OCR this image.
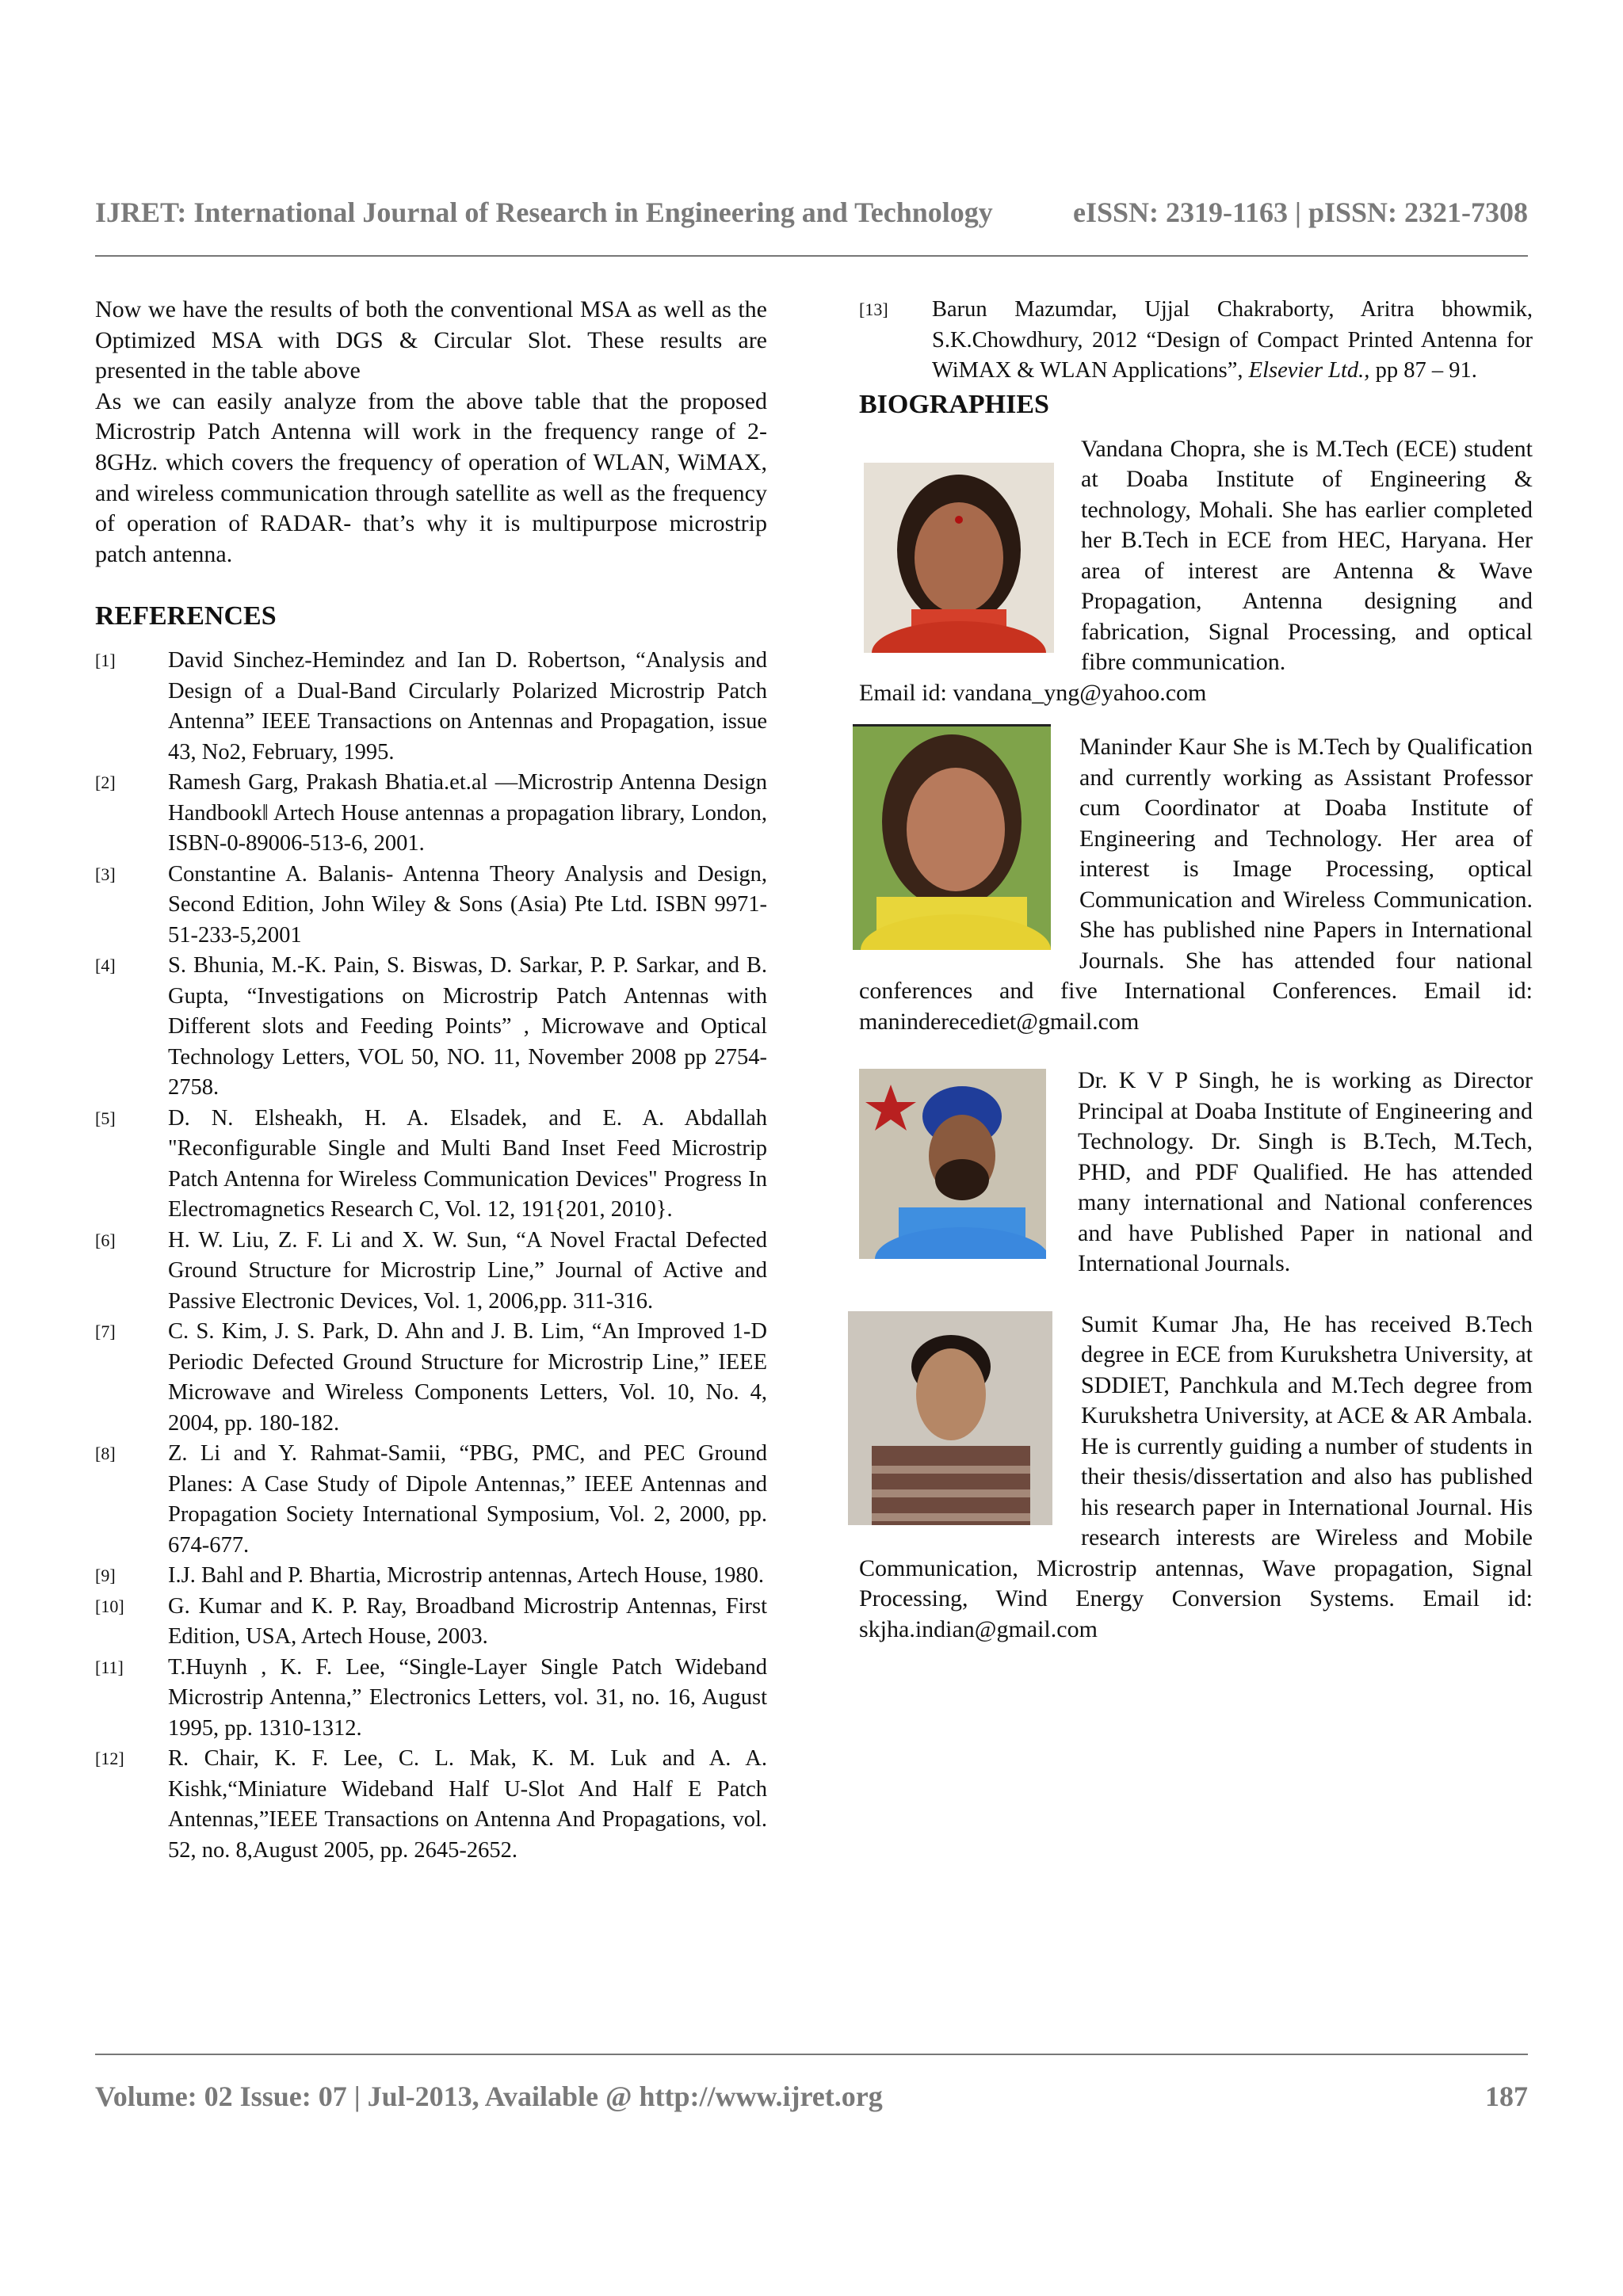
IJRET: International Journal of Research in Engineering and Technology	eISSN: 2319-1163 | pISSN: 2321-7308

Now we have the results of both the conventional MSA as well as the Optimized MSA with DGS & Circular Slot. These results are presented in the table above

As we can easily analyze from the above table that the proposed Microstrip Patch Antenna will work in the frequency range of 2-8GHz. which covers the frequency of operation of WLAN, WiMAX, and wireless communication through satellite as well as the frequency of operation of RADAR- that’s why it is multipurpose microstrip patch antenna.

REFERENCES

[1]	David Sinchez-Hemindez and Ian D. Robertson, “Analysis and Design of a Dual-Band Circularly Polarized Microstrip Patch Antenna” IEEE Transactions on Antennas and Propagation, issue 43, No2, February, 1995.
[2]	Ramesh Garg, Prakash Bhatia.et.al ―Microstrip Antenna Design Handbook‖ Artech House antennas a propagation library, London, ISBN-0-89006-513-6, 2001.
[3]	Constantine A. Balanis- Antenna Theory Analysis and Design, Second Edition, John Wiley & Sons (Asia) Pte Ltd. ISBN 9971-51-233-5,2001
[4]	S. Bhunia, M.-K. Pain, S. Biswas, D. Sarkar, P. P. Sarkar, and B. Gupta, “Investigations on Microstrip Patch Antennas with Different slots and Feeding Points” , Microwave and Optical Technology Letters, VOL 50, NO. 11, November 2008 pp 2754-2758.
[5]	D. N. Elsheakh, H. A. Elsadek, and E. A. Abdallah "Reconfigurable Single and Multi Band Inset Feed Microstrip Patch Antenna for Wireless Communication Devices" Progress In Electromagnetics Research C, Vol. 12, 191{201, 2010}.
[6]	H. W. Liu, Z. F. Li and X. W. Sun, “A Novel Fractal Defected Ground Structure for Microstrip Line,” Journal of Active and Passive Electronic Devices, Vol. 1, 2006,pp. 311-316.
[7]	C. S. Kim, J. S. Park, D. Ahn and J. B. Lim, “An Improved 1-D Periodic Defected Ground Structure for Microstrip Line,” IEEE Microwave and Wireless Components Letters, Vol. 10, No. 4, 2004, pp. 180-182.
[8]	Z. Li and Y. Rahmat-Samii, “PBG, PMC, and PEC Ground Planes: A Case Study of Dipole Antennas,” IEEE Antennas and Propagation Society International Symposium, Vol. 2, 2000, pp. 674-677.
[9]	I.J. Bahl and P. Bhartia, Microstrip antennas, Artech House, 1980.
[10]	G. Kumar and K. P. Ray, Broadband Microstrip Antennas, First Edition, USA, Artech House, 2003.
[11]	T.Huynh , K. F. Lee, “Single-Layer Single Patch Wideband Microstrip Antenna,” Electronics Letters, vol. 31, no. 16, August 1995, pp. 1310-1312.
[12]	R. Chair, K. F. Lee, C. L. Mak, K. M. Luk and A. A. Kishk,“Miniature Wideband Half U-Slot And Half E Patch Antennas,”IEEE Transactions on Antenna And Propagations, vol. 52, no. 8,August 2005, pp. 2645-2652.
[13]	Barun Mazumdar, Ujjal Chakraborty, Aritra bhowmik, S.K.Chowdhury, 2012 “Design of Compact Printed Antenna for WiMAX & WLAN Applications”, Elsevier Ltd., pp 87 – 91.

BIOGRAPHIES

Vandana Chopra, she is M.Tech (ECE) student at Doaba Institute of Engineering & technology, Mohali. She has earlier completed her B.Tech in ECE from HEC, Haryana. Her area of interest are Antenna & Wave Propagation, Antenna designing and fabrication, Signal Processing, and optical fibre communication.
Email id: vandana_yng@yahoo.com

Maninder Kaur She is M.Tech by Qualification and currently working as Assistant Professor cum Coordinator at Doaba Institute of Engineering and Technology. Her area of interest is Image Processing, optical Communication and Wireless Communication. She has published nine Papers in International Journals. She has attended four national conferences and five International Conferences. Email id: maninderecediet@gmail.com

Dr. K V P Singh, he is working as Director Principal at Doaba Institute of Engineering and Technology. Dr. Singh is B.Tech, M.Tech, PHD, and PDF Qualified. He has attended many international and National conferences and have Published Paper in national and International Journals.

Sumit Kumar Jha, He has received B.Tech degree in ECE from Kurukshetra University, at SDDIET, Panchkula and M.Tech degree from Kurukshetra University, at ACE & AR Ambala. He is currently guiding a number of students in their thesis/dissertation and also has published his research paper in International Journal. His research interests are Wireless and Mobile Communication, Microstrip antennas, Wave propagation, Signal Processing, Wind Energy Conversion Systems. Email id: skjha.indian@gmail.com

Volume: 02 Issue: 07 | Jul-2013, Available @ http://www.ijret.org	187
